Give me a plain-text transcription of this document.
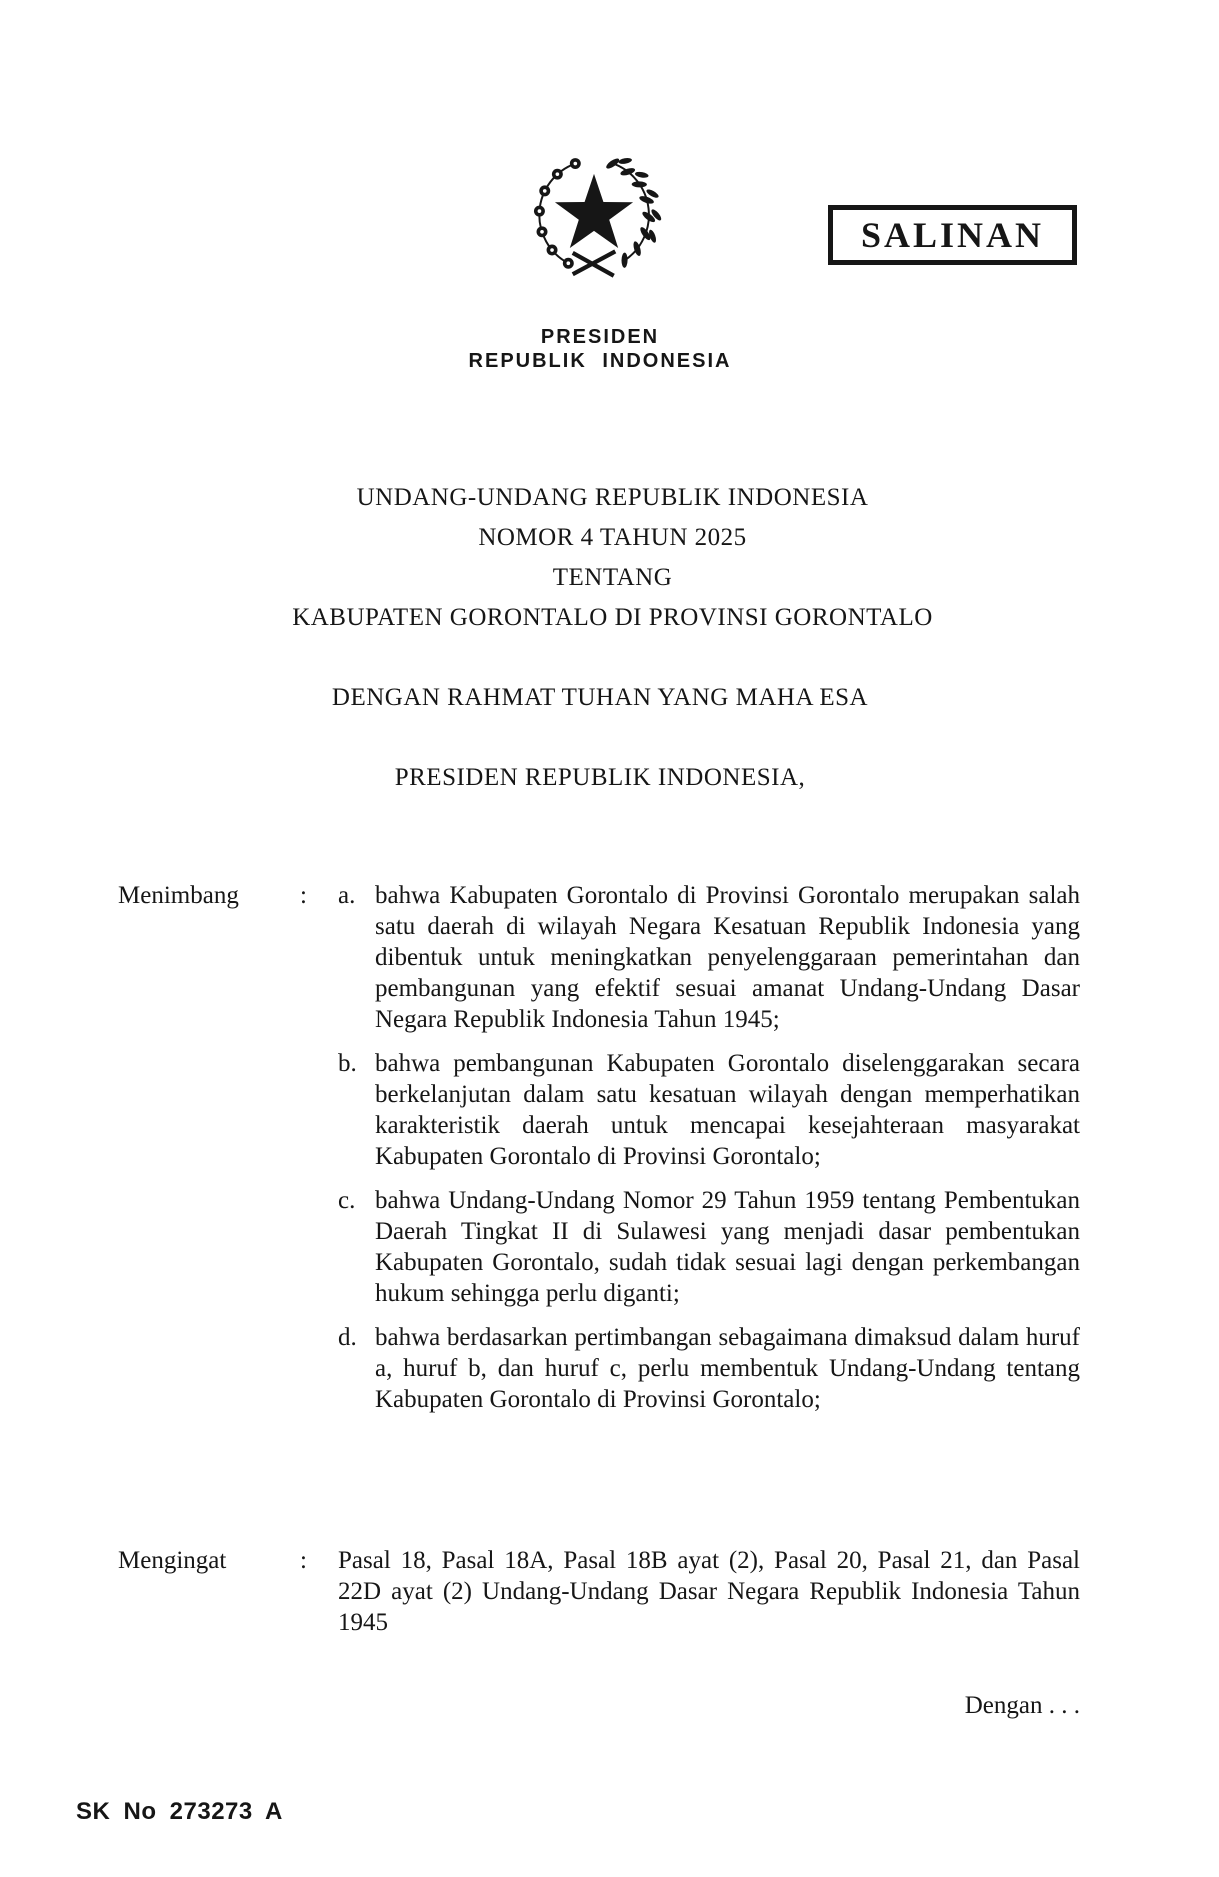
SALINAN
PRESIDEN
REPUBLIK INDONESIA
UNDANG-UNDANG REPUBLIK INDONESIA
NOMOR 4 TAHUN 2025
TENTANG
KABUPATEN GORONTALO DI PROVINSI GORONTALO
DENGAN RAHMAT TUHAN YANG MAHA ESA
PRESIDEN REPUBLIK INDONESIA,
Menimbang	:	a. bahwa Kabupaten Gorontalo di Provinsi Gorontalo merupakan salah satu daerah di wilayah Negara Kesatuan Republik Indonesia yang dibentuk untuk meningkatkan penyelenggaraan pemerintahan dan pembangunan yang efektif sesuai amanat Undang-Undang Dasar Negara Republik Indonesia Tahun 1945;

b. bahwa pembangunan Kabupaten Gorontalo diselenggarakan secara berkelanjutan dalam satu kesatuan wilayah dengan memperhatikan karakteristik daerah untuk mencapai kesejahteraan masyarakat Kabupaten Gorontalo di Provinsi Gorontalo;

c. bahwa Undang-Undang Nomor 29 Tahun 1959 tentang Pembentukan Daerah Tingkat II di Sulawesi yang menjadi dasar pembentukan Kabupaten Gorontalo, sudah tidak sesuai lagi dengan perkembangan hukum sehingga perlu diganti;

d. bahwa berdasarkan pertimbangan sebagaimana dimaksud dalam huruf a, huruf b, dan huruf c, perlu membentuk Undang-Undang tentang Kabupaten Gorontalo di Provinsi Gorontalo;

Mengingat	:	Pasal 18, Pasal 18A, Pasal 18B ayat (2), Pasal 20, Pasal 21, dan Pasal 22D ayat (2) Undang-Undang Dasar Negara Republik Indonesia Tahun 1945

Dengan . . .
SK No 273273 A
